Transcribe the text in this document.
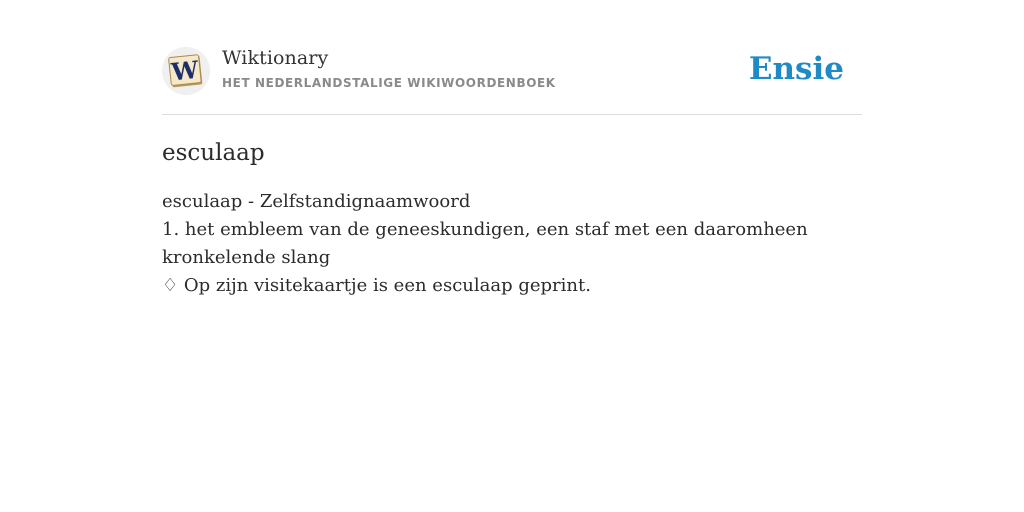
W Wiktionary
HET NEDERLANDSTALIGE WIKIWOORDENBOEK	Ensie
esculaap
esculaap - Zelfstandignaamwoord
1. het embleem van de geneeskundigen, een staf met een daaromheen kronkelende slang
♢ Op zijn visitekaartje is een esculaap geprint.
